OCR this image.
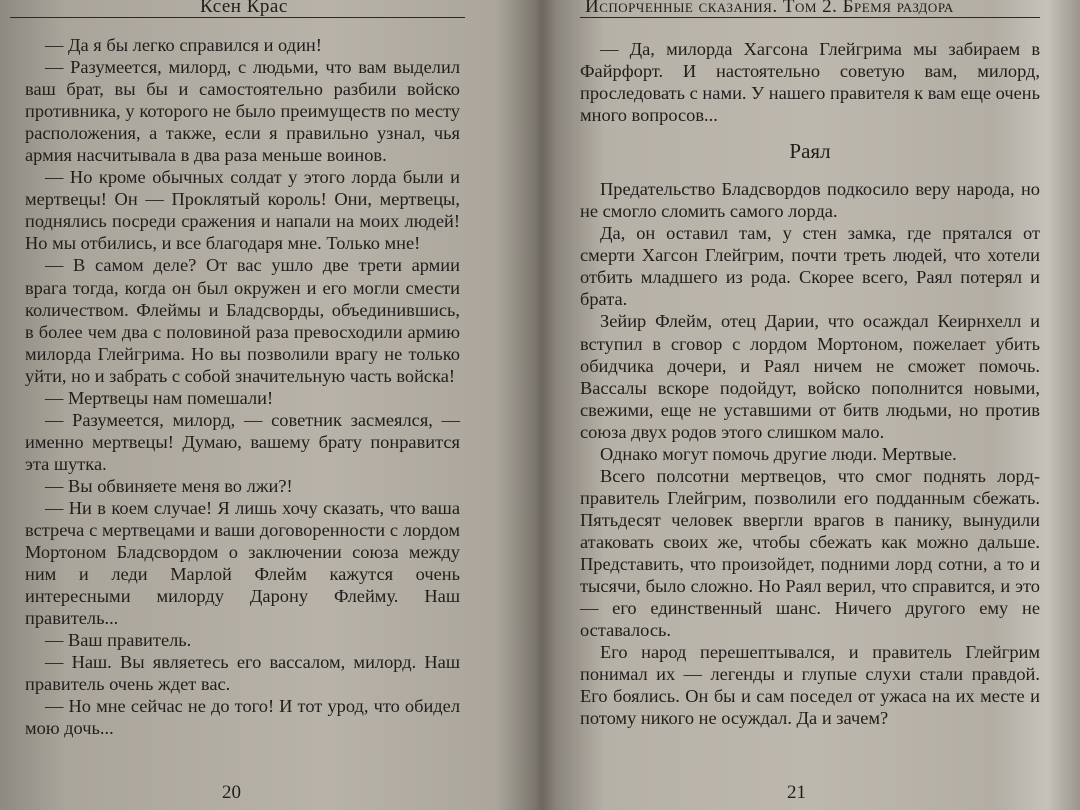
Ксен Крас

— Да я бы легко справился и один!

— Разумеется, милорд, с людьми, что вам выделил ваш брат, вы бы и самостоятельно разбили войско противника, у которого не было преимуществ по месту расположения, а также, если я правильно узнал, чья армия насчитывала в два раза меньше воинов.

— Но кроме обычных солдат у этого лорда были и мертвецы! Он — Проклятый король! Они, мертвецы, поднялись посреди сражения и напали на моих людей! Но мы отбились, и все благодаря мне. Только мне!

— В самом деле? От вас ушло две трети армии врага тогда, когда он был окружен и его могли смести количеством. Флеймы и Бладсворды, объединившись, в более чем два с половиной раза превосходили армию милорда Глейгрима. Но вы позволили врагу не только уйти, но и забрать с собой значительную часть войска!

— Мертвецы нам помешали!

— Разумеется, милорд, — советник засмеялся, — именно мертвецы! Думаю, вашему брату понравится эта шутка.

— Вы обвиняете меня во лжи?!

— Ни в коем случае! Я лишь хочу сказать, что ваша встреча с мертвецами и ваши договоренности с лордом Мортоном Бладсвордом о заключении союза между ним и леди Марлой Флейм кажутся очень интересными милорду Дарону Флейму. Наш правитель...

— Ваш правитель.

— Наш. Вы являетесь его вассалом, милорд. Наш правитель очень ждет вас.

— Но мне сейчас не до того! И тот урод, что обидел мою дочь...

20
Испорченные сказания. Том 2. Бремя раздора

— Да, милорда Хагсона Глейгрима мы забираем в Файрфорт. И настоятельно советую вам, милорд, проследовать с нами. У нашего правителя к вам еще очень много вопросов...

Раял

Предательство Бладсвордов подкосило веру народа, но не смогло сломить самого лорда.

Да, он оставил там, у стен замка, где прятался от смерти Хагсон Глейгрим, почти треть людей, что хотели отбить младшего из рода. Скорее всего, Раял потерял и брата.

Зейир Флейм, отец Дарии, что осаждал Кеирнхелл и вступил в сговор с лордом Мортоном, пожелает убить обидчика дочери, и Раял ничем не сможет помочь. Вассалы вскоре подойдут, войско пополнится новыми, свежими, еще не уставшими от битв людьми, но против союза двух родов этого слишком мало.

Однако могут помочь другие люди. Мертвые.

Всего полсотни мертвецов, что смог поднять лорд-правитель Глейгрим, позволили его подданным сбежать. Пятьдесят человек ввергли врагов в панику, вынудили атаковать своих же, чтобы сбежать как можно дальше. Представить, что произойдет, подними лорд сотни, а то и тысячи, было сложно. Но Раял верил, что справится, и это — его единственный шанс. Ничего другого ему не оставалось.

Его народ перешептывался, и правитель Глейгрим понимал их — легенды и глупые слухи стали правдой. Его боялись. Он бы и сам поседел от ужаса на их месте и потому никого не осуждал. Да и зачем?

21
